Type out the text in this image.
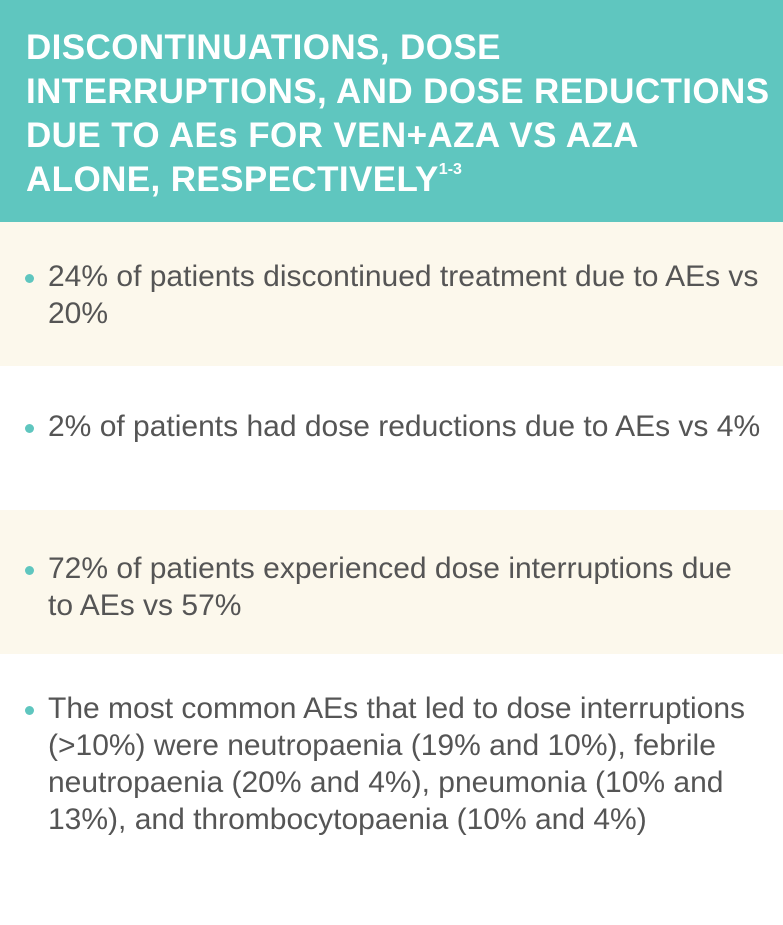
DISCONTINUATIONS, DOSE INTERRUPTIONS, AND DOSE REDUCTIONS DUE TO AEs FOR VEN+AZA VS AZA ALONE, RESPECTIVELY$^{1-3}$
24% of patients discontinued treatment due to AEs vs 20%
2% of patients had dose reductions due to AEs vs 4%
72% of patients experienced dose interruptions due to AEs vs 57%
The most common AEs that led to dose interruptions (>10%) were neutropaenia (19% and 10%), febrile neutropaenia (20% and 4%), pneumonia (10% and 13%), and thrombocytopaenia (10% and 4%)
